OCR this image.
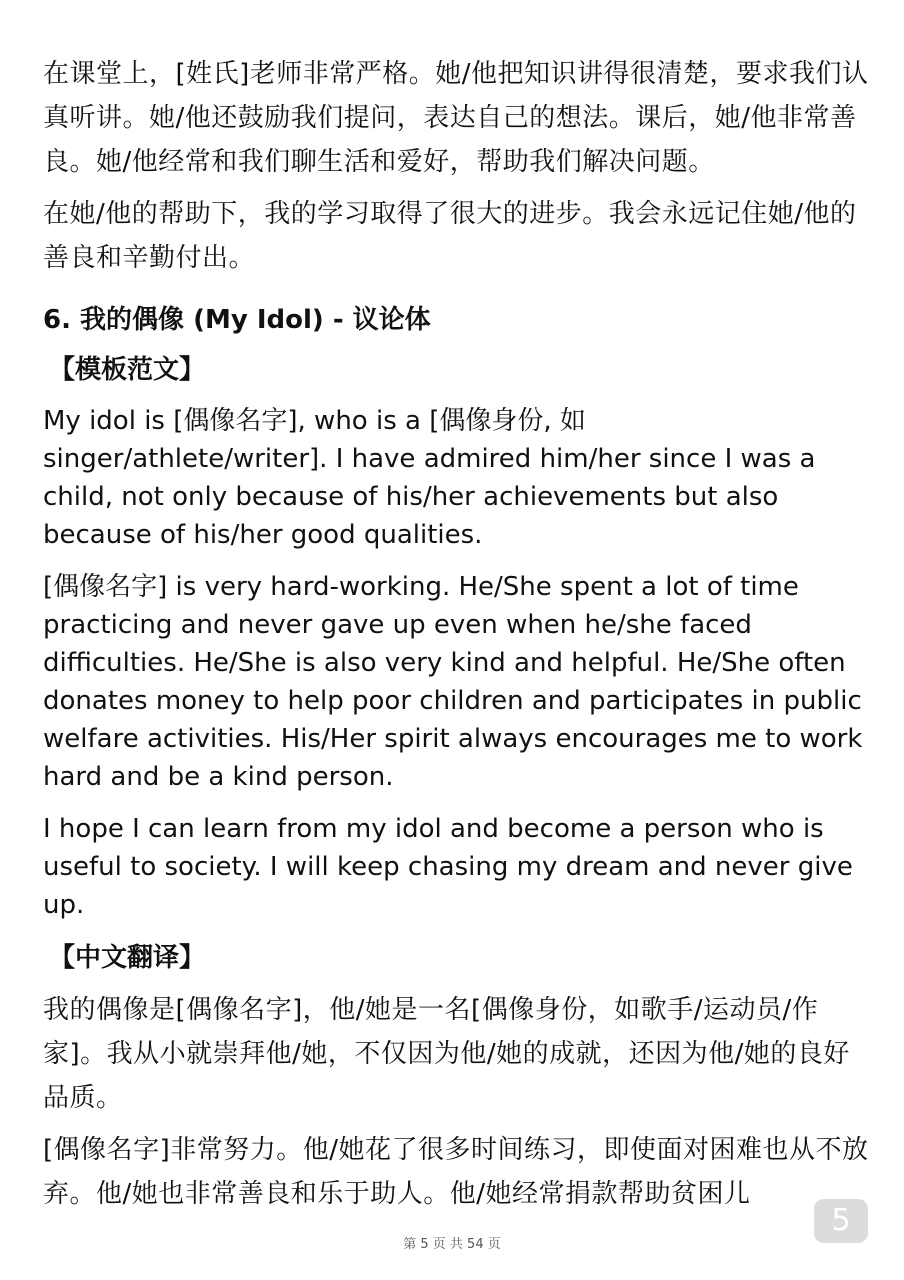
在课堂上，[姓氏]老师非常严格。她/他把知识讲得很清楚，要求我们认真听讲。她/他还鼓励我们提问，表达自己的想法。课后，她/他非常善良。她/他经常和我们聊生活和爱好，帮助我们解决问题。

在她/他的帮助下，我的学习取得了很大的进步。我会永远记住她/他的善良和辛勤付出。

6. 我的偶像 (My Idol) - 议论体

【模板范文】

My idol is [偶像名字], who is a [偶像身份, 如 singer/athlete/writer]. I have admired him/her since I was a child, not only because of his/her achievements but also because of his/her good qualities.

[偶像名字] is very hard-working. He/She spent a lot of time practicing and never gave up even when he/she faced difficulties. He/She is also very kind and helpful. He/She often donates money to help poor children and participates in public welfare activities. His/Her spirit always encourages me to work hard and be a kind person.

I hope I can learn from my idol and become a person who is useful to society. I will keep chasing my dream and never give up.

【中文翻译】

我的偶像是[偶像名字]，他/她是一名[偶像身份，如歌手/运动员/作家]。我从小就崇拜他/她，不仅因为他/她的成就，还因为他/她的良好品质。

[偶像名字]非常努力。他/她花了很多时间练习，即使面对困难也从不放弃。他/她也非常善良和乐于助人。他/她经常捐款帮助贫困儿

第 5 页 共 54 页
5
